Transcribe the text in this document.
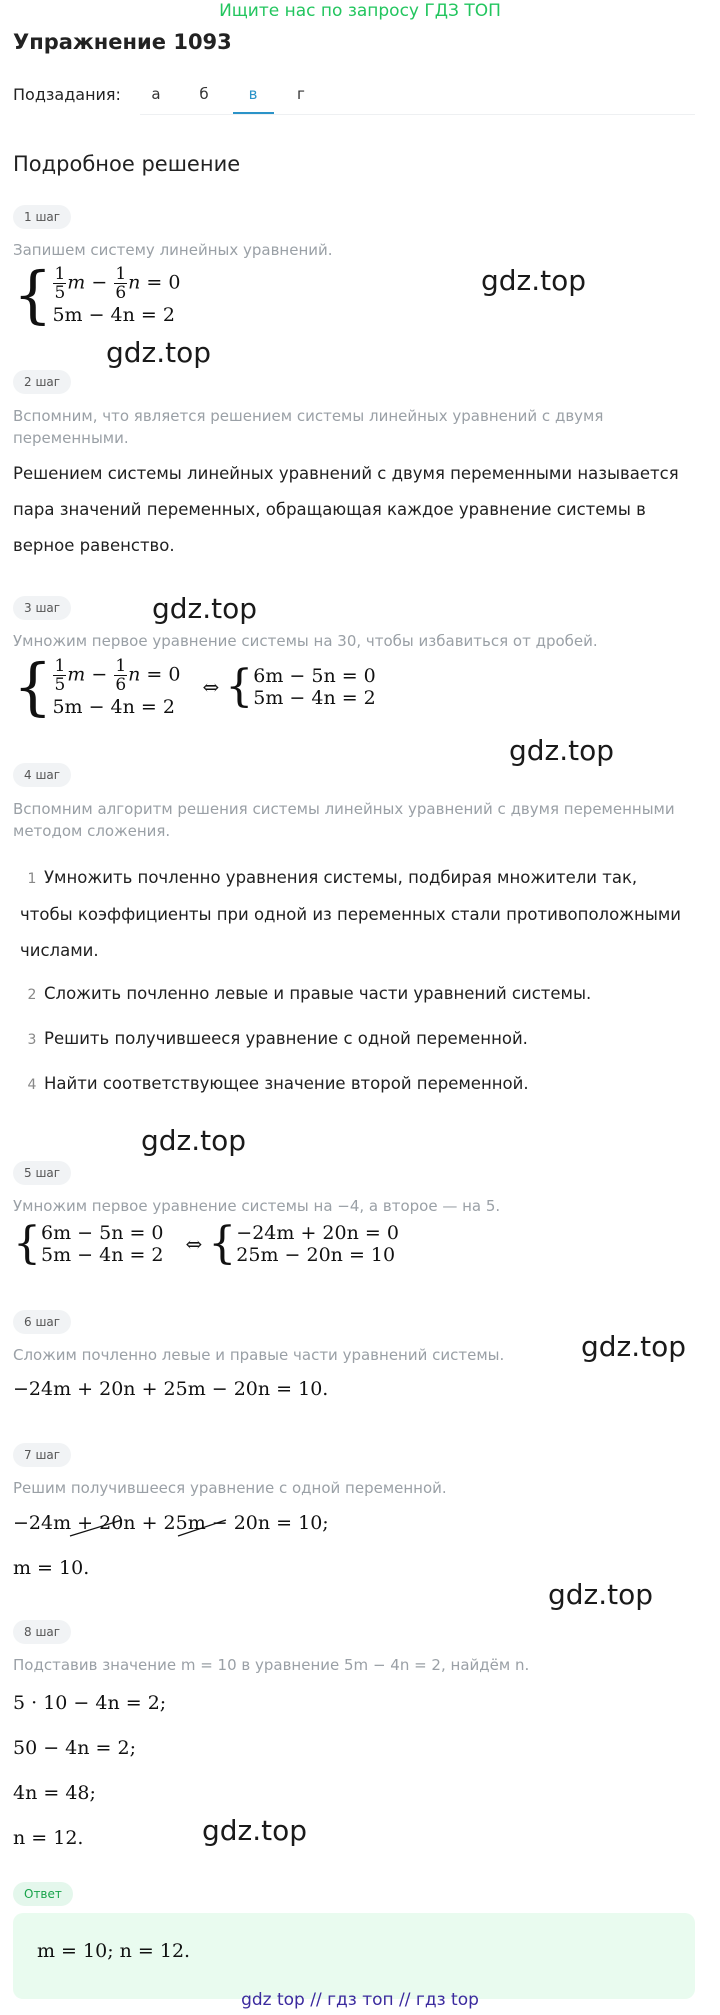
Ищите нас по запросу ГДЗ ТОП
Упражнение 1093
Подзадания:	а	б	в	г
Подробное решение
1 шаг
Запишем систему линейных уравнений.
{ $\frac{1}{5}$ $m - \frac{1}{6}$ n = 0
5m − 4n = 2
gdz.top
gdz.top
2 шаг
Вспомним, что является решением системы линейных уравнений с двумя переменными.
Решением системы линейных уравнений с двумя переменными называется пара значений переменных, обращающая каждое уравнение системы в верное равенство.
3 шаг	gdz.top
Умножим первое уравнение системы на 30, чтобы избавиться от дробей.
{ $\frac{1}{5}$ $m - \frac{1}{6}$ n = 0
5m − 4n = 2
⇔ { 6m − 5n = 0
5m − 4n = 2
gdz.top
4 шаг
Вспомним алгоритм решения системы линейных уравнений с двумя переменными методом сложения.
1 Умножить почленно уравнения системы, подбирая множители так, чтобы коэффициенты при одной из переменных стали противоположными числами.
2 Сложить почленно левые и правые части уравнений системы.
3 Решить получившееся уравнение с одной переменной.
4 Найти соответствующее значение второй переменной.
gdz.top
5 шаг
Умножим первое уравнение системы на −4, а второе — на 5.
{ 6m − 5n = 0
5m − 4n = 2 ⇔ { −24m + 20n = 0
25m − 20n = 10
6 шаг
gdz.top
Сложим почленно левые и правые части уравнений системы.
−24m + 20n + 25m − 20n = 10.
7 шаг
Решим получившееся уравнение с одной переменной.
−24m + 20n + 25m − 20n = 10;
m = 10.
gdz.top
8 шаг
Подставив значение m = 10 в уравнение 5m − 4n = 2, найдём n.
5 · 10 − 4n = 2;
50 − 4n = 2;
4n = 48;
n = 12.	gdz.top
Ответ
m = 10; n = 12.
gdz top // гдз топ // гдз top
